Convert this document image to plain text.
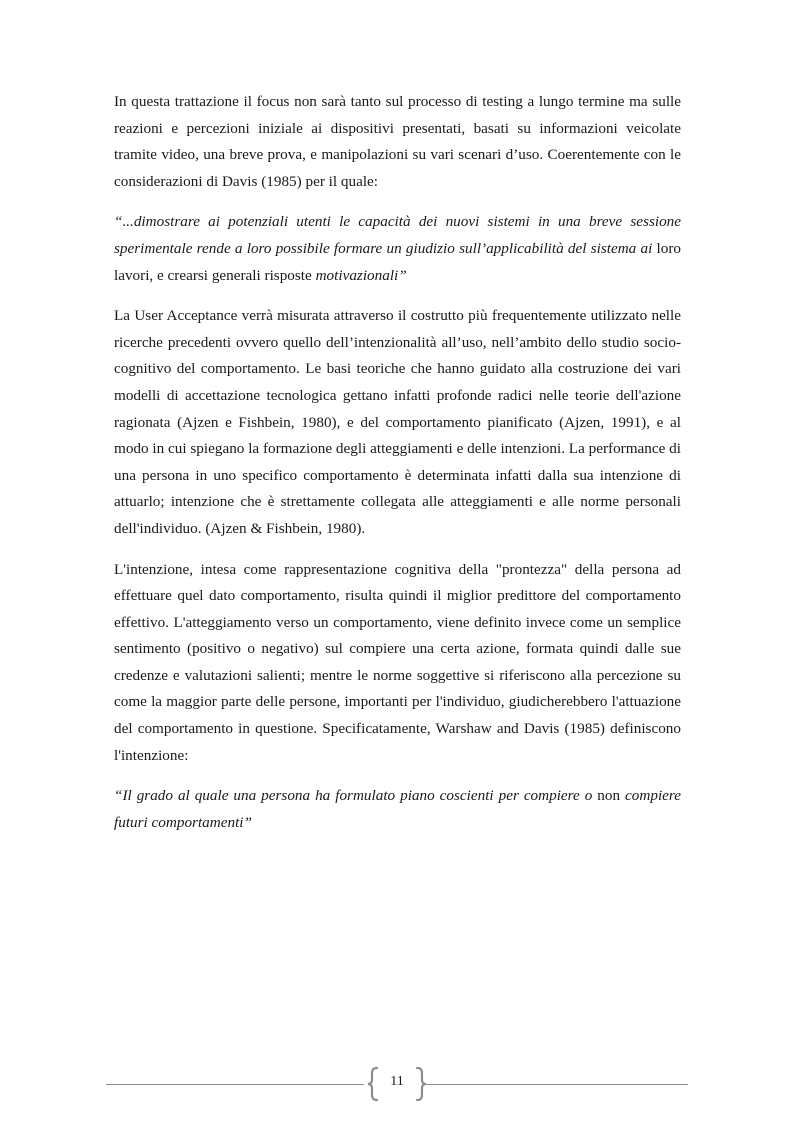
In questa trattazione il focus non sarà tanto sul processo di testing a lungo termine ma sulle reazioni e percezioni iniziale ai dispositivi presentati, basati su informazioni veicolate tramite video, una breve prova, e manipolazioni su vari scenari d’uso. Coerentemente con le considerazioni di Davis (1985) per il quale:

“...dimostrare ai potenziali utenti le capacità dei nuovi sistemi in una breve sessione sperimentale rende a loro possibile formare un giudizio sull’applicabilità del sistema ai loro lavori, e crearsi generali risposte motivazionali”

La User Acceptance verrà misurata attraverso il costrutto più frequentemente utilizzato nelle ricerche precedenti ovvero quello dell’intenzionalità all’uso, nell’ambito dello studio socio-cognitivo del comportamento. Le basi teoriche che hanno guidato alla costruzione dei vari modelli di accettazione tecnologica gettano infatti profonde radici nelle teorie dell'azione ragionata (Ajzen e Fishbein, 1980), e del comportamento pianificato (Ajzen, 1991), e al modo in cui spiegano la formazione degli atteggiamenti e delle intenzioni. La performance di una persona in uno specifico comportamento è determinata infatti dalla sua intenzione di attuarlo; intenzione che è strettamente collegata alle atteggiamenti e alle norme personali dell'individuo. (Ajzen & Fishbein, 1980).

L'intenzione, intesa come rappresentazione cognitiva della "prontezza" della persona ad effettuare quel dato comportamento, risulta quindi il miglior predittore del comportamento effettivo. L'atteggiamento verso un comportamento, viene definito invece come un semplice sentimento (positivo o negativo) sul compiere una certa azione, formata quindi dalle sue credenze e valutazioni salienti; mentre le norme soggettive si riferiscono alla percezione su come la maggior parte delle persone, importanti per l'individuo, giudicherebbero l'attuazione del comportamento in questione. Specificatamente, Warshaw and Davis (1985) definiscono l'intenzione:

“Il grado al quale una persona ha formulato piano coscienti per compiere o non compiere futuri comportamenti”

11
